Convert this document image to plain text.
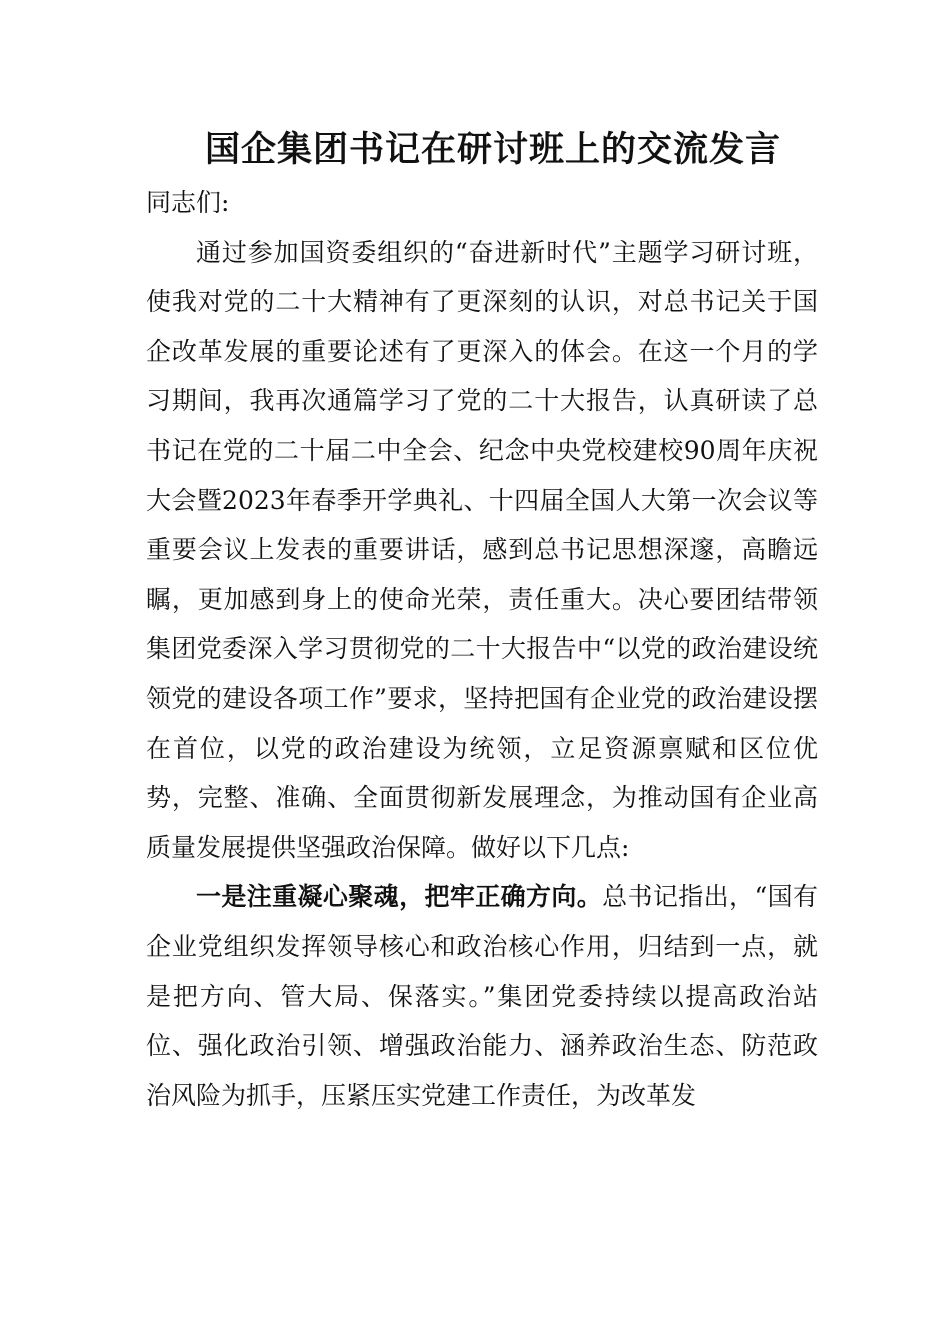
国企集团书记在研讨班上的交流发言

同志们:

通过参加国资委组织的“奋进新时代”主题学习研讨班，使我对党的二十大精神有了更深刻的认识，对总书记关于国企改革发展的重要论述有了更深入的体会。在这一个月的学习期间，我再次通篇学习了党的二十大报告，认真研读了总书记在党的二十届二中全会、纪念中央党校建校90周年庆祝大会暨2023年春季开学典礼、十四届全国人大第一次会议等重要会议上发表的重要讲话，感到总书记思想深邃，高瞻远瞩，更加感到身上的使命光荣，责任重大。决心要团结带领集团党委深入学习贯彻党的二十大报告中“以党的政治建设统领党的建设各项工作”要求，坚持把国有企业党的政治建设摆在首位，以党的政治建设为统领，立足资源禀赋和区位优势，完整、准确、全面贯彻新发展理念，为推动国有企业高质量发展提供坚强政治保障。做好以下几点:

一是注重凝心聚魂，把牢正确方向。总书记指出，“国有企业党组织发挥领导核心和政治核心作用，归结到一点，就是把方向、管大局、保落实。”集团党委持续以提高政治站位、强化政治引领、增强政治能力、涵养政治生态、防范政治风险为抓手，压紧压实党建工作责任，为改革发
